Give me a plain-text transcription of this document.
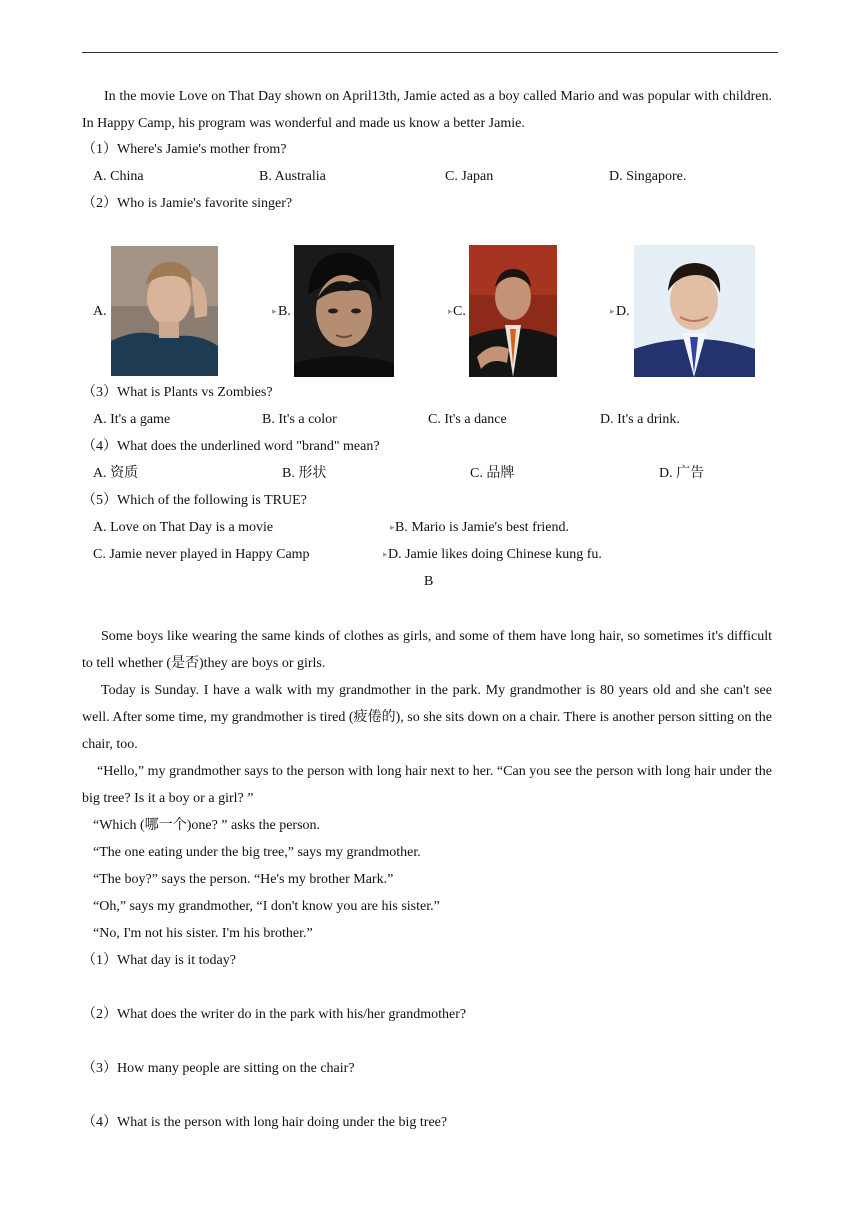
In the movie Love on That Day shown on April13th, Jamie acted as a boy called Mario and was popular with children. In Happy Camp, his program was wonderful and made us know a better Jamie.
（1）Where's Jamie's mother from?
A. China	B. Australia	C. Japan	D. Singapore.
（2）Who is Jamie's favorite singer?
A.	▸ B.	▸ C.	▸ D.
（3）What is Plants vs Zombies?
A. It's a game	B. It's a color	C. It's a dance	D. It's a drink.
（4）What does the underlined word "brand" mean?
A. 资质	B. 形状	C. 品牌	D. 广告
（5）Which of the following is TRUE?
A. Love on That Day is a movie	▸ B. Mario is Jamie's best friend.
C. Jamie never played in Happy Camp	▸ D. Jamie likes doing Chinese kung fu.
B
Some boys like wearing the same kinds of clothes as girls, and some of them have long hair, so sometimes it's difficult to tell whether (是否)they are boys or girls.
Today is Sunday. I have a walk with my grandmother in the park. My grandmother is 80 years old and she can't see well. After some time, my grandmother is tired (疲倦的), so she sits down on a chair. There is another person sitting on the chair, too.
“Hello,” my grandmother says to the person with long hair next to her. “Can you see the person with long hair under the big tree? Is it a boy or a girl? ”
“Which (哪一个)one? ” asks the person.
“The one eating under the big tree,” says my grandmother.
“The boy?” says the person. “He's my brother Mark.”
“Oh,” says my grandmother, “I don't know you are his sister.”
“No, I'm not his sister. I'm his brother.”
（1）What day is it today?
（2）What does the writer do in the park with his/her grandmother?
（3）How many people are sitting on the chair?
（4）What is the person with long hair doing under the big tree?
